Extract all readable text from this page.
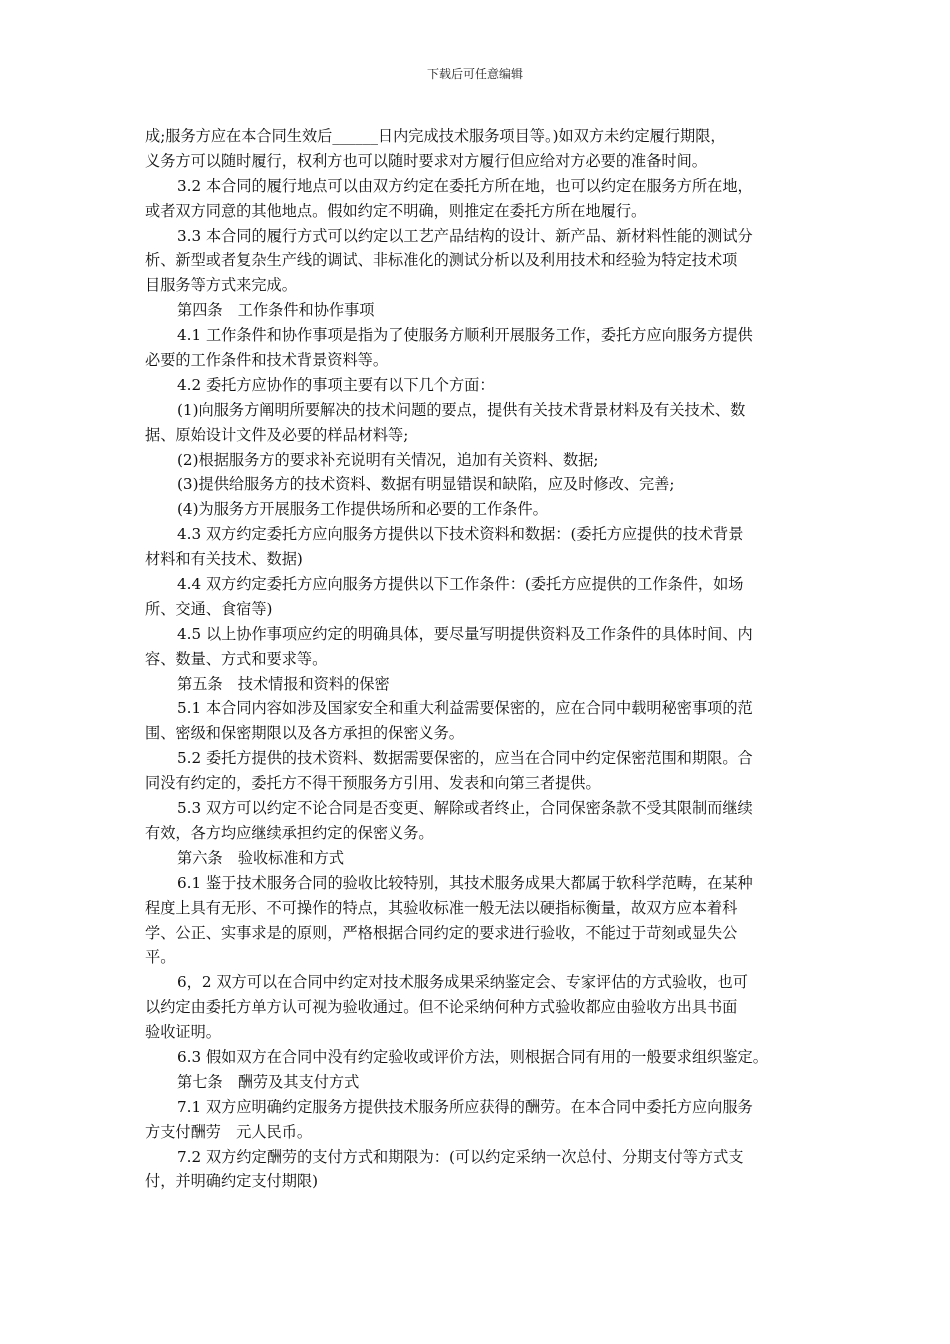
下载后可任意编辑
成;服务方应在本合同生效后______日内完成技术服务项目等。)如双方未约定履行期限，
义务方可以随时履行，权利方也可以随时要求对方履行但应给对方必要的准备时间。
3.2 本合同的履行地点可以由双方约定在委托方所在地，也可以约定在服务方所在地，
或者双方同意的其他地点。假如约定不明确，则推定在委托方所在地履行。
3.3 本合同的履行方式可以约定以工艺产品结构的设计、新产品、新材料性能的测试分
析、新型或者复杂生产线的调试、非标准化的测试分析以及利用技术和经验为特定技术项
目服务等方式来完成。
第四条　工作条件和协作事项
4.1 工作条件和协作事项是指为了使服务方顺利开展服务工作，委托方应向服务方提供
必要的工作条件和技术背景资料等。
4.2 委托方应协作的事项主要有以下几个方面：
(1)向服务方阐明所要解决的技术问题的要点，提供有关技术背景材料及有关技术、数
据、原始设计文件及必要的样品材料等;
(2)根据服务方的要求补充说明有关情况，追加有关资料、数据;
(3)提供给服务方的技术资料、数据有明显错误和缺陷，应及时修改、完善;
(4)为服务方开展服务工作提供场所和必要的工作条件。
4.3 双方约定委托方应向服务方提供以下技术资料和数据：(委托方应提供的技术背景
材料和有关技术、数据)
4.4 双方约定委托方应向服务方提供以下工作条件：(委托方应提供的工作条件，如场
所、交通、食宿等)
4.5 以上协作事项应约定的明确具体，要尽量写明提供资料及工作条件的具体时间、内
容、数量、方式和要求等。
第五条　技术情报和资料的保密
5.1 本合同内容如涉及国家安全和重大利益需要保密的，应在合同中载明秘密事项的范
围、密级和保密期限以及各方承担的保密义务。
5.2 委托方提供的技术资料、数据需要保密的，应当在合同中约定保密范围和期限。合
同没有约定的，委托方不得干预服务方引用、发表和向第三者提供。
5.3 双方可以约定不论合同是否变更、解除或者终止，合同保密条款不受其限制而继续
有效，各方均应继续承担约定的保密义务。
第六条　验收标准和方式
6.1 鉴于技术服务合同的验收比较特别，其技术服务成果大都属于软科学范畴，在某种
程度上具有无形、不可操作的特点，其验收标准一般无法以硬指标衡量，故双方应本着科
学、公正、实事求是的原则，严格根据合同约定的要求进行验收，不能过于苛刻或显失公
平。
6，2 双方可以在合同中约定对技术服务成果采纳鉴定会、专家评估的方式验收，也可
以约定由委托方单方认可视为验收通过。但不论采纳何种方式验收都应由验收方出具书面
验收证明。
6.3 假如双方在合同中没有约定验收或评价方法，则根据合同有用的一般要求组织鉴定。
第七条　酬劳及其支付方式
7.1 双方应明确约定服务方提供技术服务所应获得的酬劳。在本合同中委托方应向服务
方支付酬劳　元人民币。
7.2 双方约定酬劳的支付方式和期限为：(可以约定采纳一次总付、分期支付等方式支
付，并明确约定支付期限)
